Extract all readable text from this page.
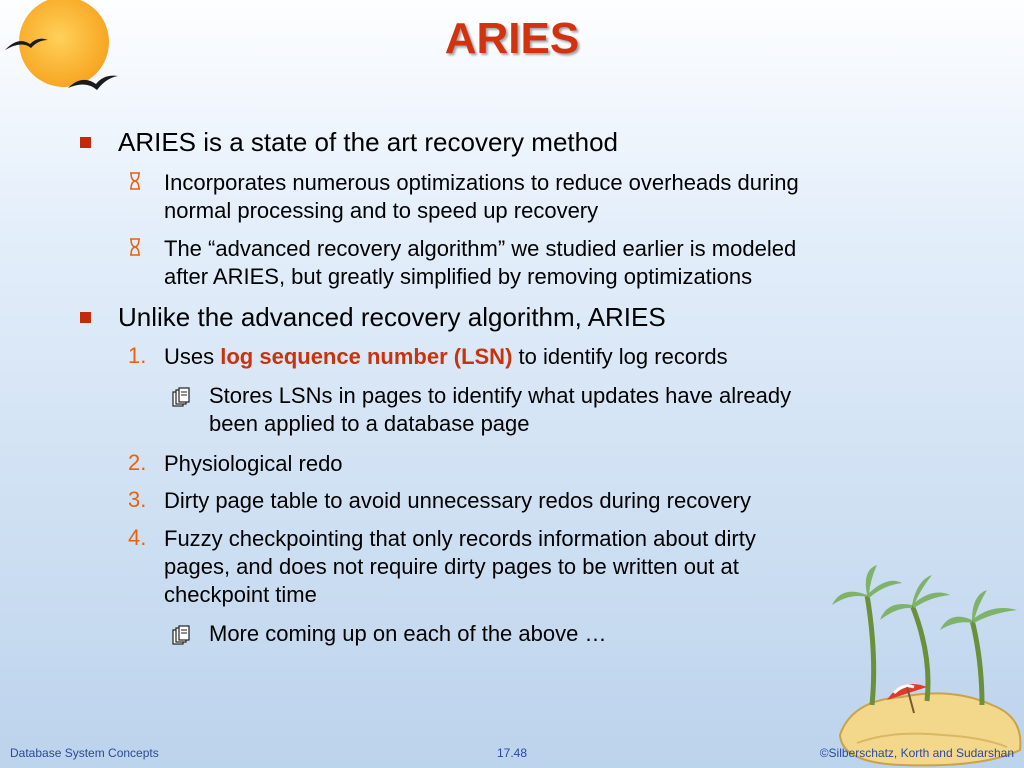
ARIES
ARIES is a state of the art recovery method
Incorporates numerous optimizations to reduce overheads during
normal processing and to speed up recovery
The “advanced recovery algorithm” we studied earlier is modeled
after ARIES, but greatly simplified by removing optimizations
Unlike the advanced recovery algorithm, ARIES
1. Uses log sequence number (LSN) to identify log records
Stores LSNs in pages to identify what updates have already
been applied to a database page
2. Physiological redo
3. Dirty page table to avoid unnecessary redos during recovery
4. Fuzzy checkpointing that only records information about dirty
pages, and does not require dirty pages to be written out at
checkpoint time
More coming up on each of the above …
Database System Concepts	17.48	©Silberschatz, Korth and Sudarshan
